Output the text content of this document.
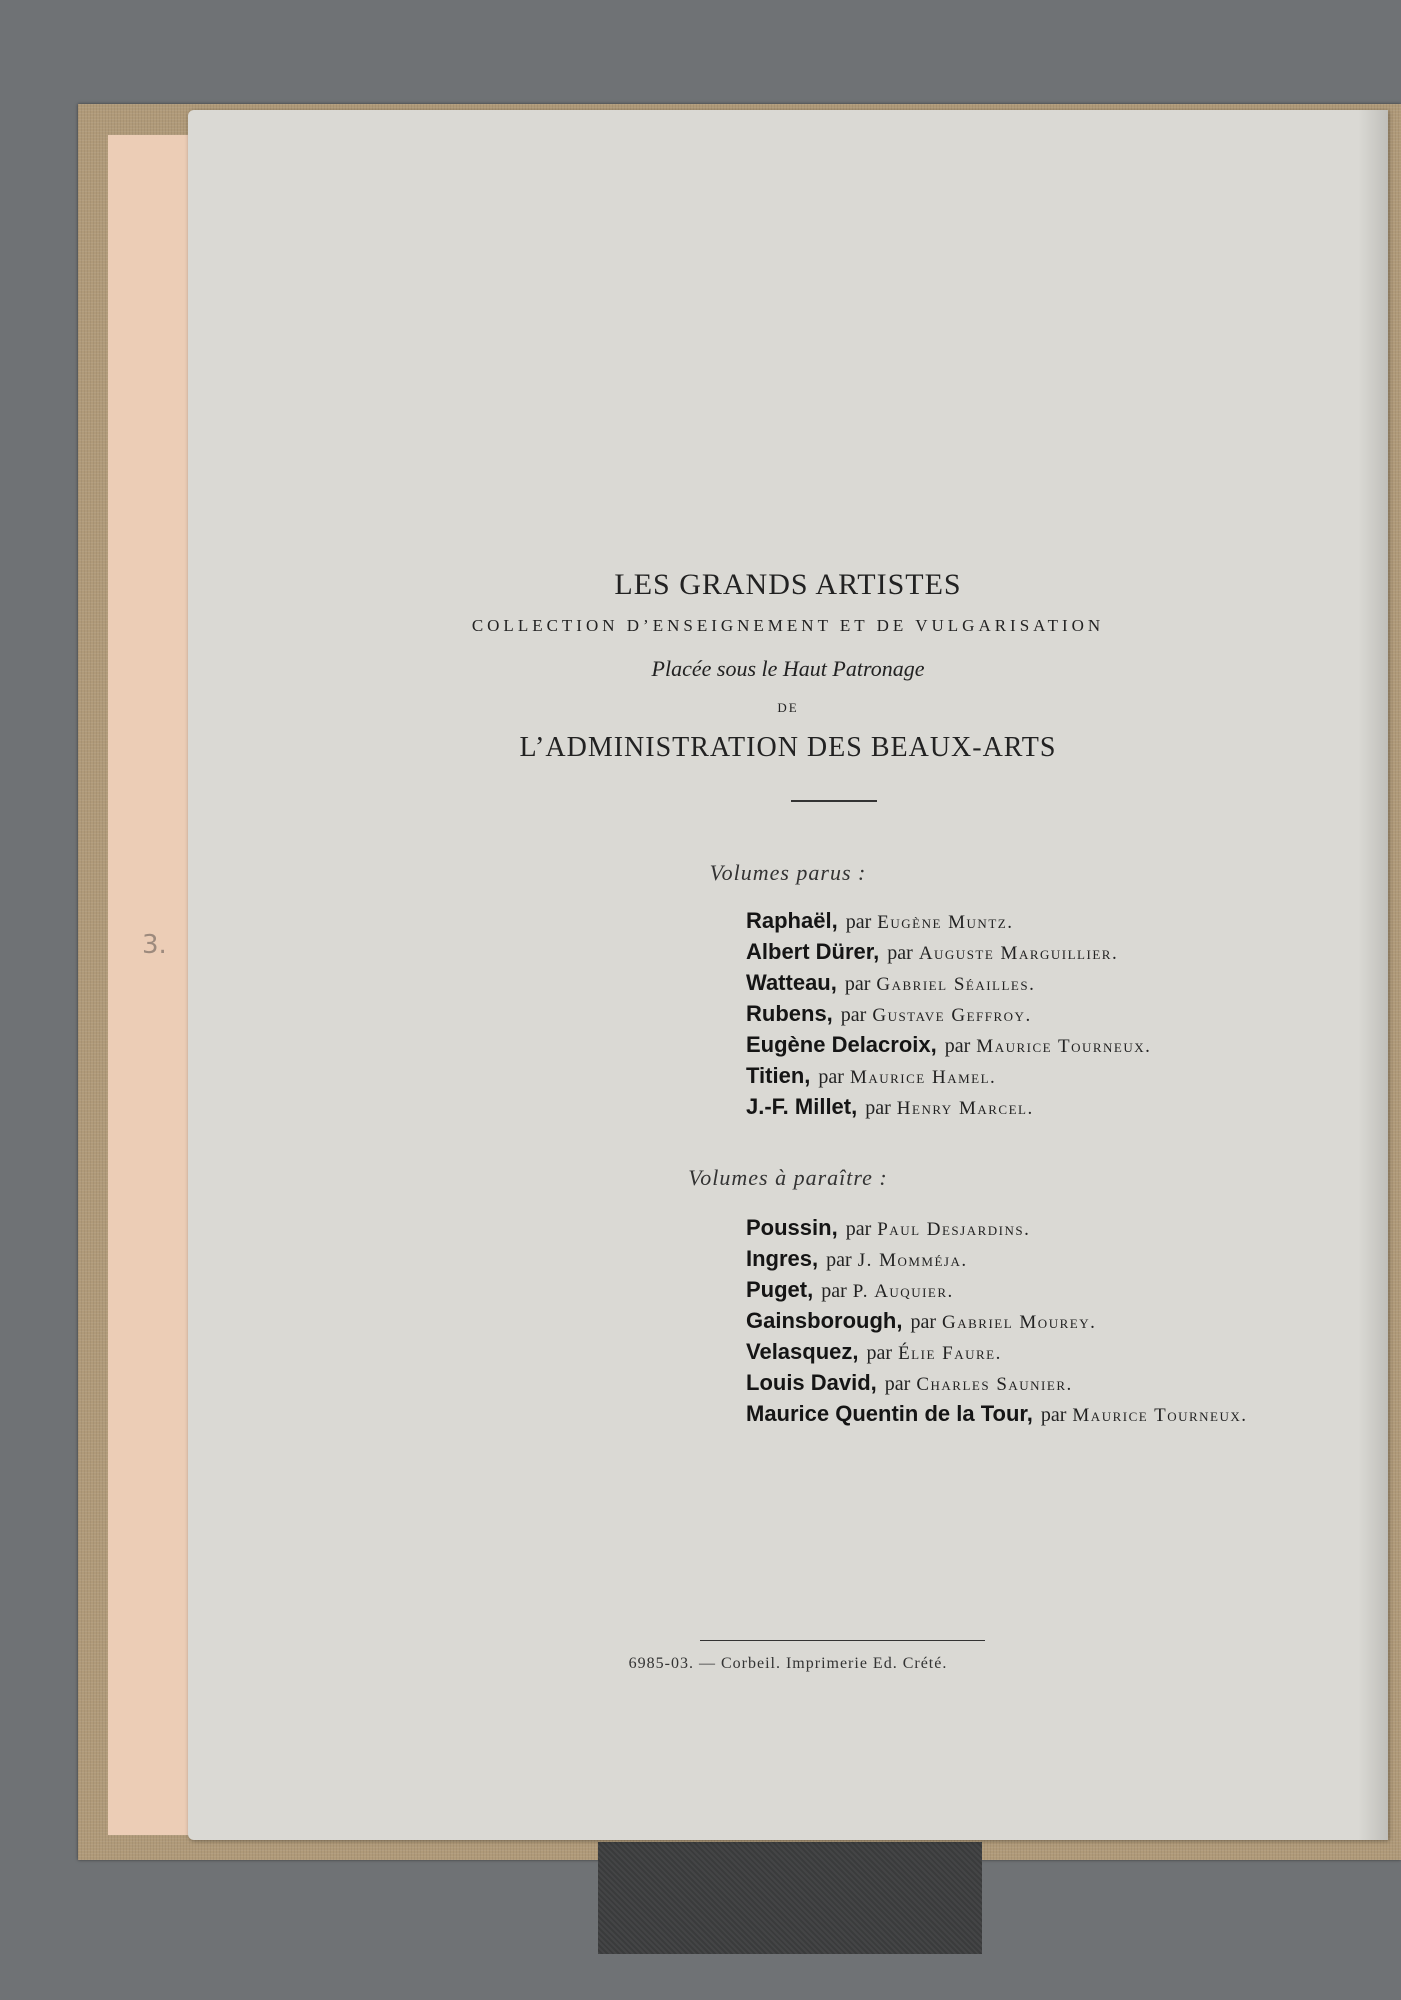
3.
LES GRANDS ARTISTES
COLLECTION D’ENSEIGNEMENT ET DE VULGARISATION
Placée sous le Haut Patronage
DE
L’ADMINISTRATION DES BEAUX-ARTS
Volumes parus :
Raphaël, par Eugène Muntz.
Albert Dürer, par Auguste Marguillier.
Watteau, par Gabriel Séailles.
Rubens, par Gustave Geffroy.
Eugène Delacroix, par Maurice Tourneux.
Titien, par Maurice Hamel.
J.-F. Millet, par Henry Marcel.
Volumes à paraître :
Poussin, par Paul Desjardins.
Ingres, par J. Momméja.
Puget, par P. Auquier.
Gainsborough, par Gabriel Mourey.
Velasquez, par Élie Faure.
Louis David, par Charles Saunier.
Maurice Quentin de la Tour, par Maurice Tourneux.
6985-03. — Corbeil. Imprimerie Ed. Crété.
